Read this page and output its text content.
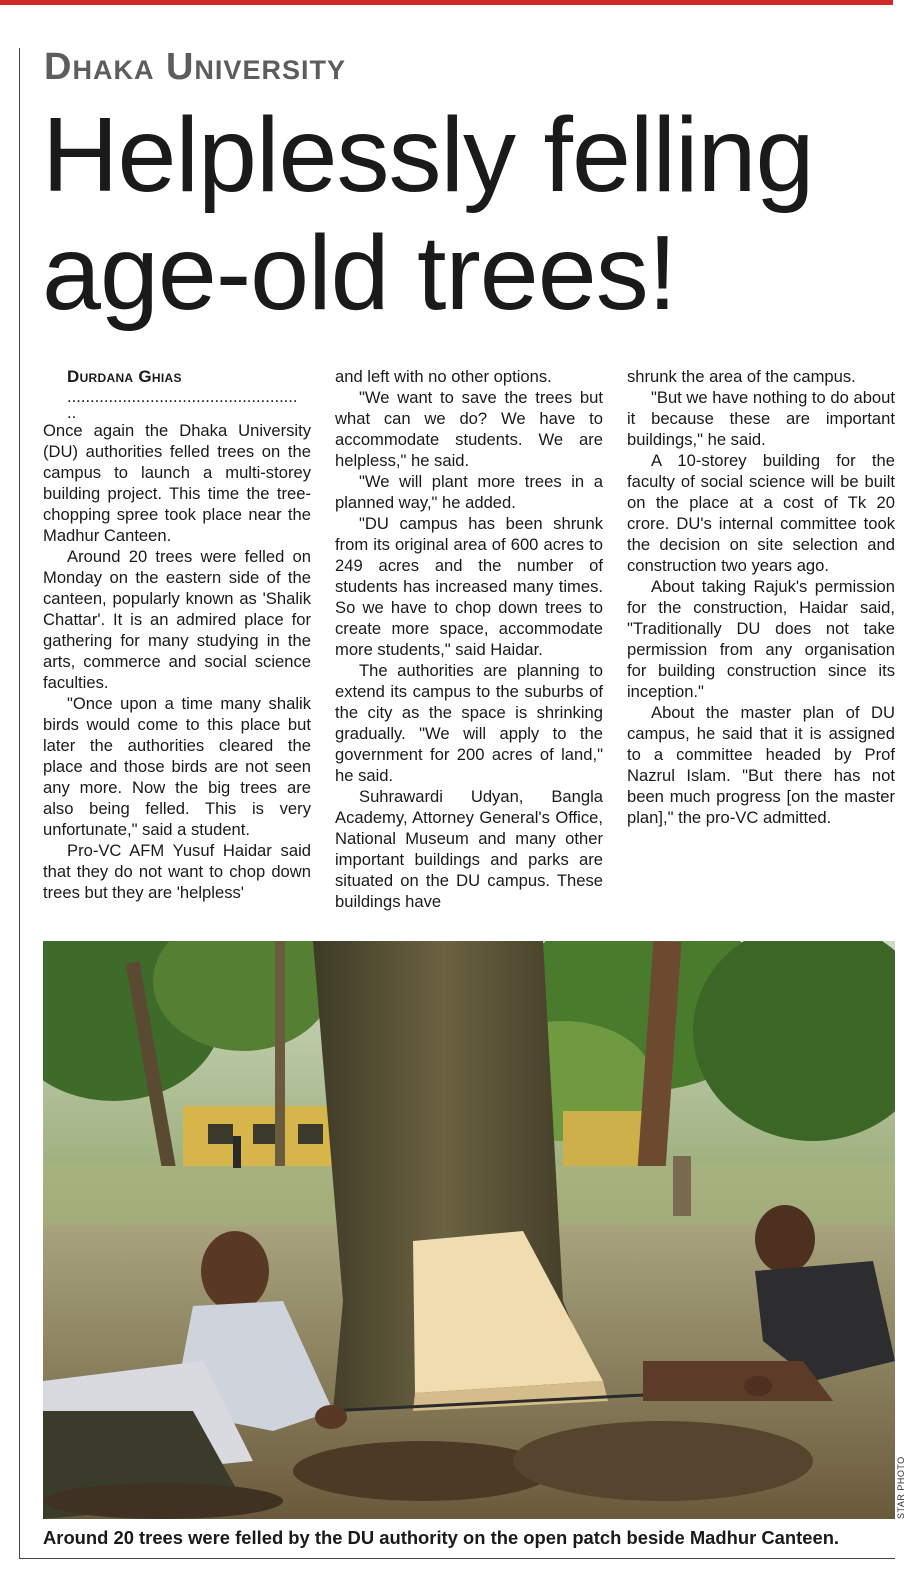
Dhaka University
Helplessly felling
age-old trees!

Durdana Ghias

..................................................

..

Once again the Dhaka University (DU) authorities felled trees on the campus to launch a multi-storey building project. This time the tree-chopping spree took place near the Madhur Canteen.

Around 20 trees were felled on Monday on the eastern side of the canteen, popularly known as 'Shalik Chattar'. It is an admired place for gathering for many studying in the arts, commerce and social science faculties.

"Once upon a time many shalik birds would come to this place but later the authorities cleared the place and those birds are not seen any more. Now the big trees are also being felled. This is very unfortunate," said a student.

Pro-VC AFM Yusuf Haidar said that they do not want to chop down trees but they are 'helpless'

and left with no other options.

"We want to save the trees but what can we do? We have to accommodate students. We are helpless," he said.

"We will plant more trees in a planned way," he added.

"DU campus has been shrunk from its original area of 600 acres to 249 acres and the number of students has increased many times. So we have to chop down trees to create more space, accommodate more students," said Haidar.

The authorities are planning to extend its campus to the suburbs of the city as the space is shrinking gradually. "We will apply to the government for 200 acres of land," he said.

Suhrawardi Udyan, Bangla Academy, Attorney General's Office, National Museum and many other important buildings and parks are situated on the DU campus. These buildings have

shrunk the area of the campus.

"But we have nothing to do about it because these are important buildings," he said.

A 10-storey building for the faculty of social science will be built on the place at a cost of Tk 20 crore. DU's internal committee took the decision on site selection and construction two years ago.

About taking Rajuk's permission for the construction, Haidar said, "Traditionally DU does not take permission from any organisation for building construction since its inception."

About the master plan of DU campus, he said that it is assigned to a committee headed by Prof Nazrul Islam. "But there has not been much progress [on the master plan]," the pro-VC admitted.

STAR PHOTO

Around 20 trees were felled by the DU authority on the open patch beside Madhur Canteen.
